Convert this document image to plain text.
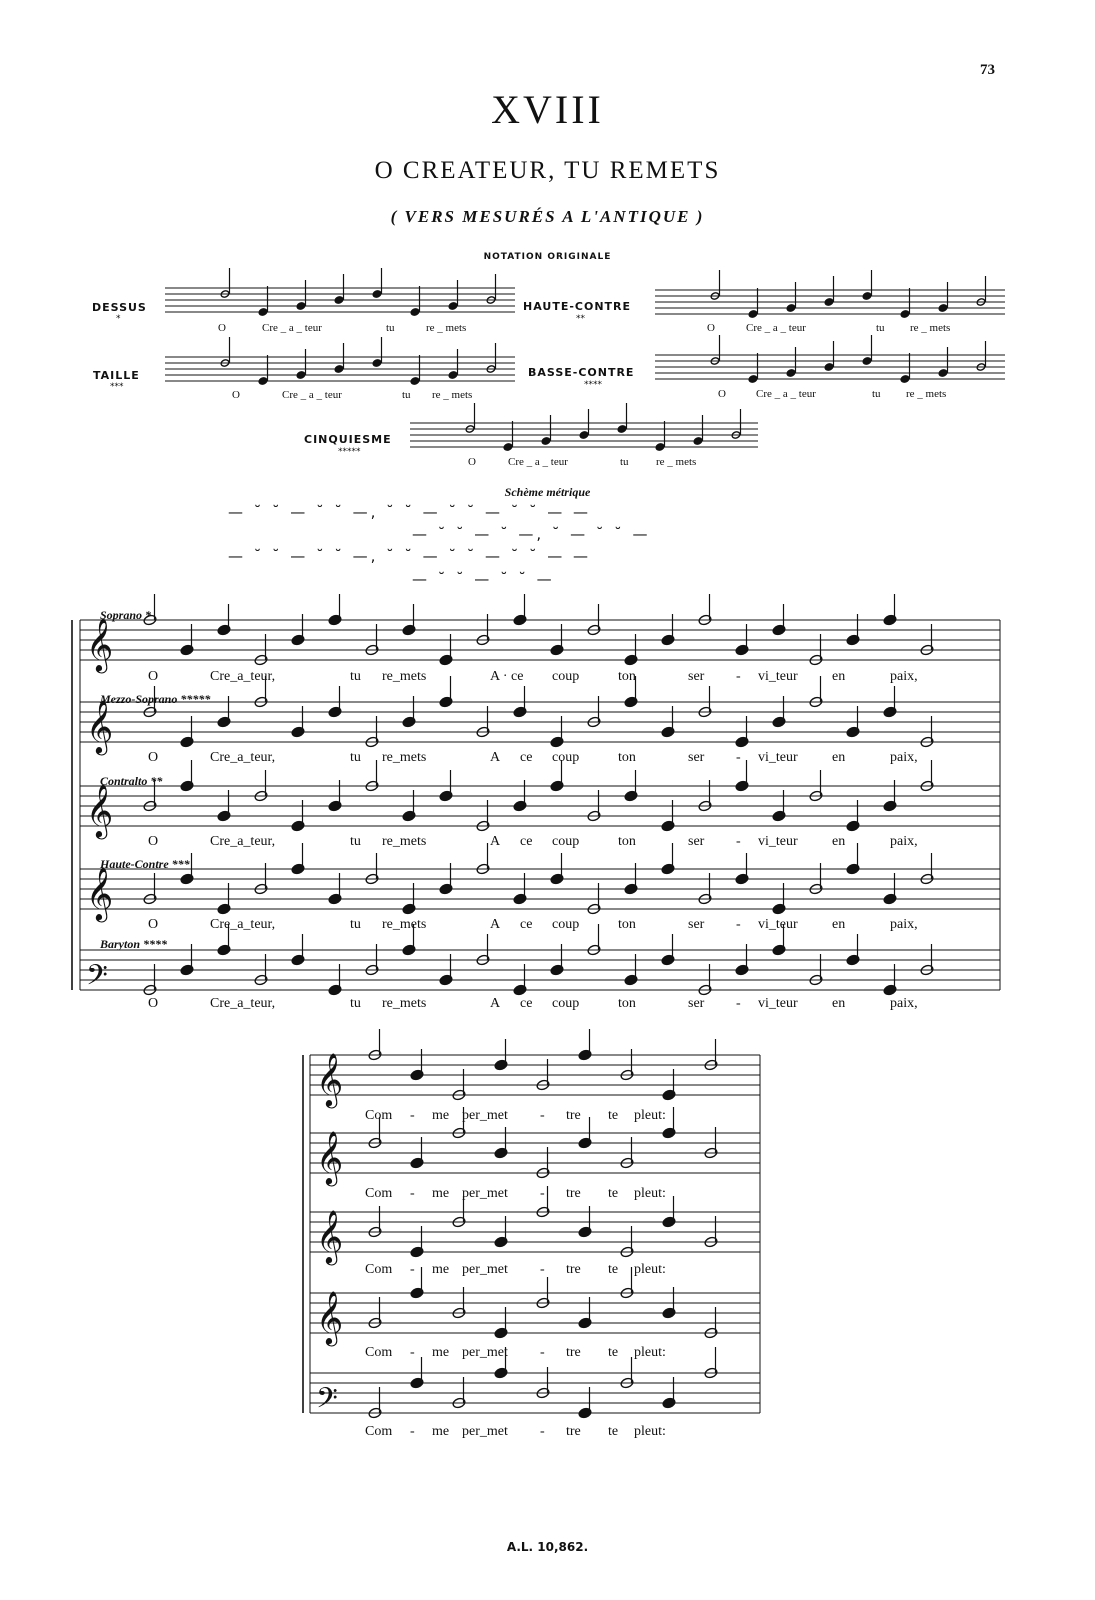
73
XVIII
O CREATEUR, TU REMETS
( VERS MESURÉS A L'ANTIQUE )
NOTATION ORIGINALE
DESSUS
*
HAUTE-CONTRE
**
TAILLE
***
BASSE-CONTRE
****
CINQUIESME
*****
O	Cre _ a _ teur	tu	re _ mets	O	Cre _ a _ teur	tu re _ mets
O	Cre _ a _ teur	tu re _ mets	O	Cre _ a _ teur	tu re _ mets
O	Cre _ a _ teur	tu re _ mets
Schème métrique
— ˘ ˘ — ˘ ˘ —, ˘ ˘ — ˘ ˘ — ˘ ˘ — —
— ˘ ˘ — ˘ —, ˘ — ˘ ˘ —
— ˘ ˘ — ˘ ˘ —, ˘ ˘ — ˘ ˘ — ˘ ˘ — —
— ˘ ˘ — ˘ ˘ —
Soprano *
Mezzo-Soprano *****
Contralto **
Haute-Contre ***
Baryton ****
O	Cre_a_teur,	tu re_mets	A · ce coup	ton	ser - vi_teur en	paix,
O	Cre_a_teur,	tu re_mets	A ce coup	ton	ser - vi_teur en	paix,
O	Cre_a_teur,	tu re_mets	A ce coup	ton	ser - vi_teur en	paix,
O	Cre_a_teur,	tu re_mets	A ce coup	ton	ser - vi_teur en	paix,
O	Cre_a_teur,	tu re_mets	A ce coup	ton	ser - vi_teur en	paix,
Com - me per_met - tre te pleut:
Com - me per_met - tre te pleut:
Com - me per_met - tre te pleut:
Com - me per_met - tre te pleut:
Com - me per_met - tre te pleut:
A.L. 10,862.
𝄞
𝄞
𝄞
𝄞
𝄢
𝄞
𝄞
𝄞
𝄞
𝄢
